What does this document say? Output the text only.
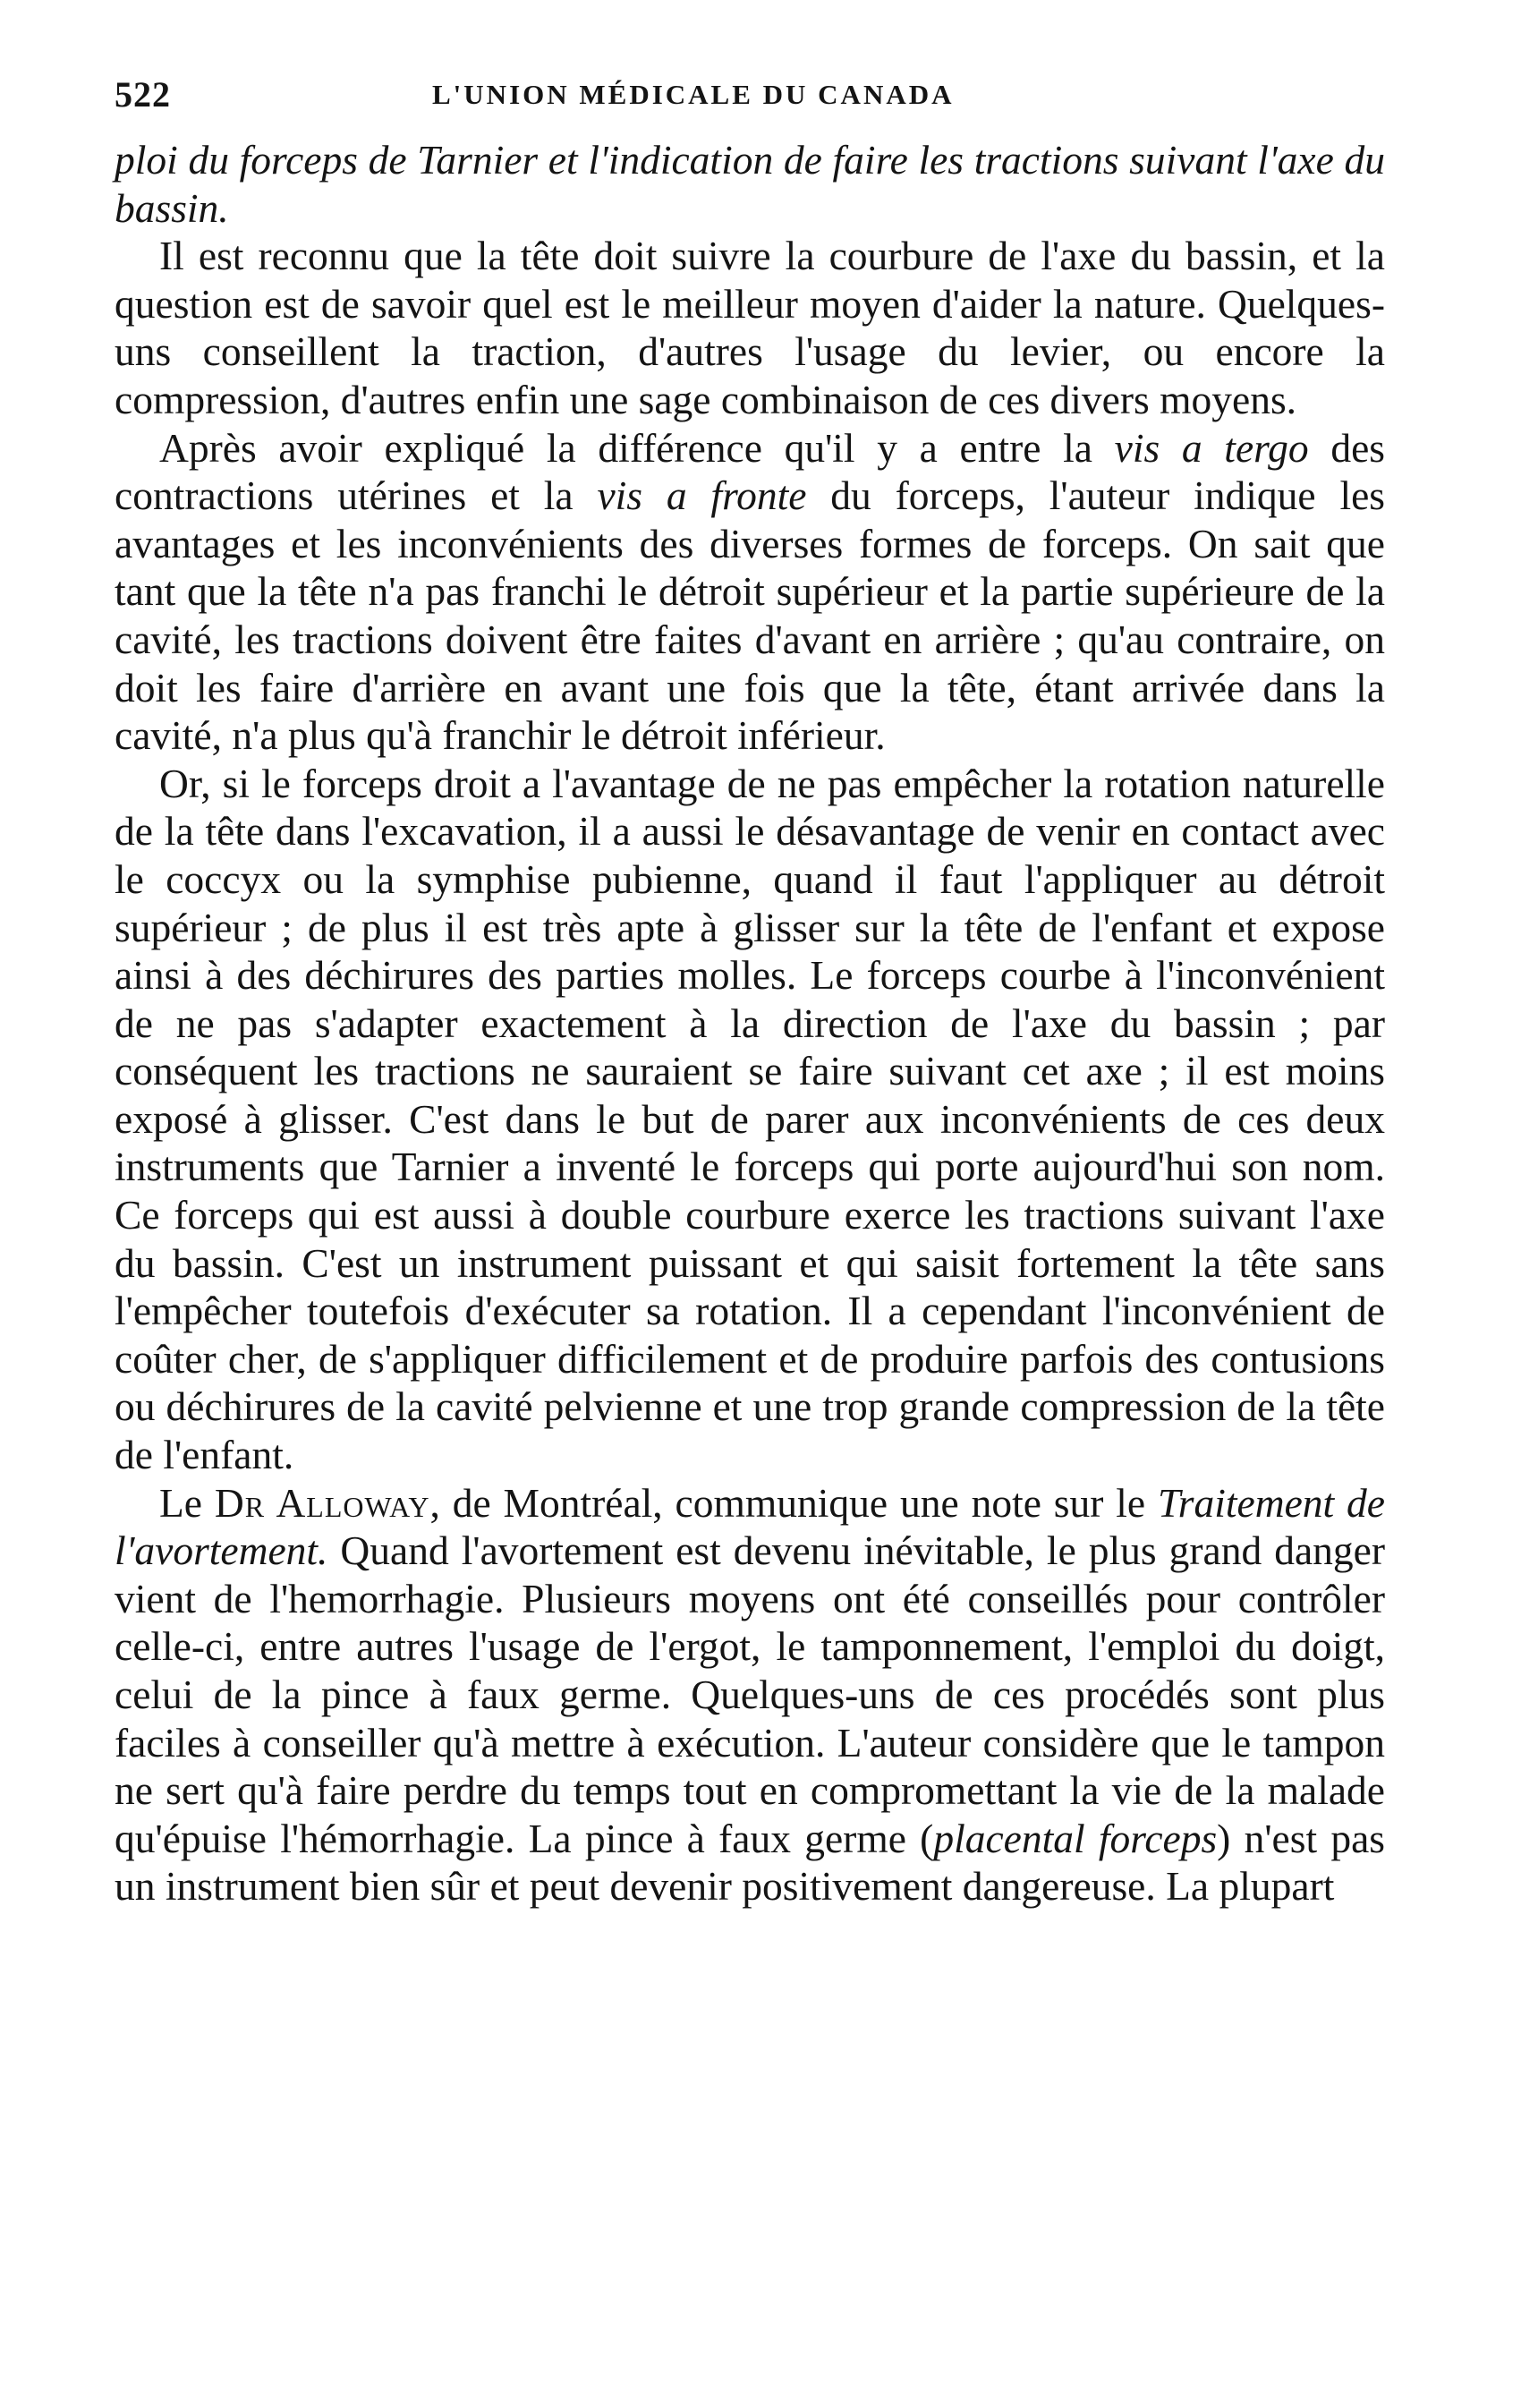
522	L'UNION MÉDICALE DU CANADA

ploi du forceps de Tarnier et l'indication de faire les tractions suivant l'axe du bassin.

Il est reconnu que la tête doit suivre la courbure de l'axe du bassin, et la question est de savoir quel est le meilleur moyen d'aider la nature. Quelques-uns conseillent la traction, d'autres l'usage du levier, ou encore la compression, d'autres enfin une sage combinaison de ces divers moyens.

Après avoir expliqué la différence qu'il y a entre la vis a tergo des contractions utérines et la vis a fronte du forceps, l'auteur indique les avantages et les inconvénients des diverses formes de forceps. On sait que tant que la tête n'a pas franchi le détroit supérieur et la partie supérieure de la cavité, les tractions doivent être faites d'avant en arrière ; qu'au contraire, on doit les faire d'arrière en avant une fois que la tête, étant arrivée dans la cavité, n'a plus qu'à franchir le détroit inférieur.

Or, si le forceps droit a l'avantage de ne pas empêcher la rotation naturelle de la tête dans l'excavation, il a aussi le désavantage de venir en contact avec le coccyx ou la symphise pubienne, quand il faut l'appliquer au détroit supérieur ; de plus il est très apte à glisser sur la tête de l'enfant et expose ainsi à des déchirures des parties molles. Le forceps courbe à l'inconvénient de ne pas s'adapter exactement à la direction de l'axe du bassin ; par conséquent les tractions ne sauraient se faire suivant cet axe ; il est moins exposé à glisser. C'est dans le but de parer aux inconvénients de ces deux instruments que Tarnier a inventé le forceps qui porte aujourd'hui son nom. Ce forceps qui est aussi à double courbure exerce les tractions suivant l'axe du bassin. C'est un instrument puissant et qui saisit fortement la tête sans l'empêcher toutefois d'exécuter sa rotation. Il a cependant l'inconvénient de coûter cher, de s'appliquer difficilement et de produire parfois des contusions ou déchirures de la cavité pelvienne et une trop grande compression de la tête de l'enfant.

Le Dr Alloway, de Montréal, communique une note sur le Traitement de l'avortement. Quand l'avortement est devenu inévitable, le plus grand danger vient de l'hemorrhagie. Plusieurs moyens ont été conseillés pour contrôler celle-ci, entre autres l'usage de l'ergot, le tamponnement, l'emploi du doigt, celui de la pince à faux germe. Quelques-uns de ces procédés sont plus faciles à conseiller qu'à mettre à exécution. L'auteur considère que le tampon ne sert qu'à faire perdre du temps tout en compromettant la vie de la malade qu'épuise l'hémorrhagie. La pince à faux germe (placental forceps) n'est pas un instrument bien sûr et peut devenir positivement dangereuse. La plupart
